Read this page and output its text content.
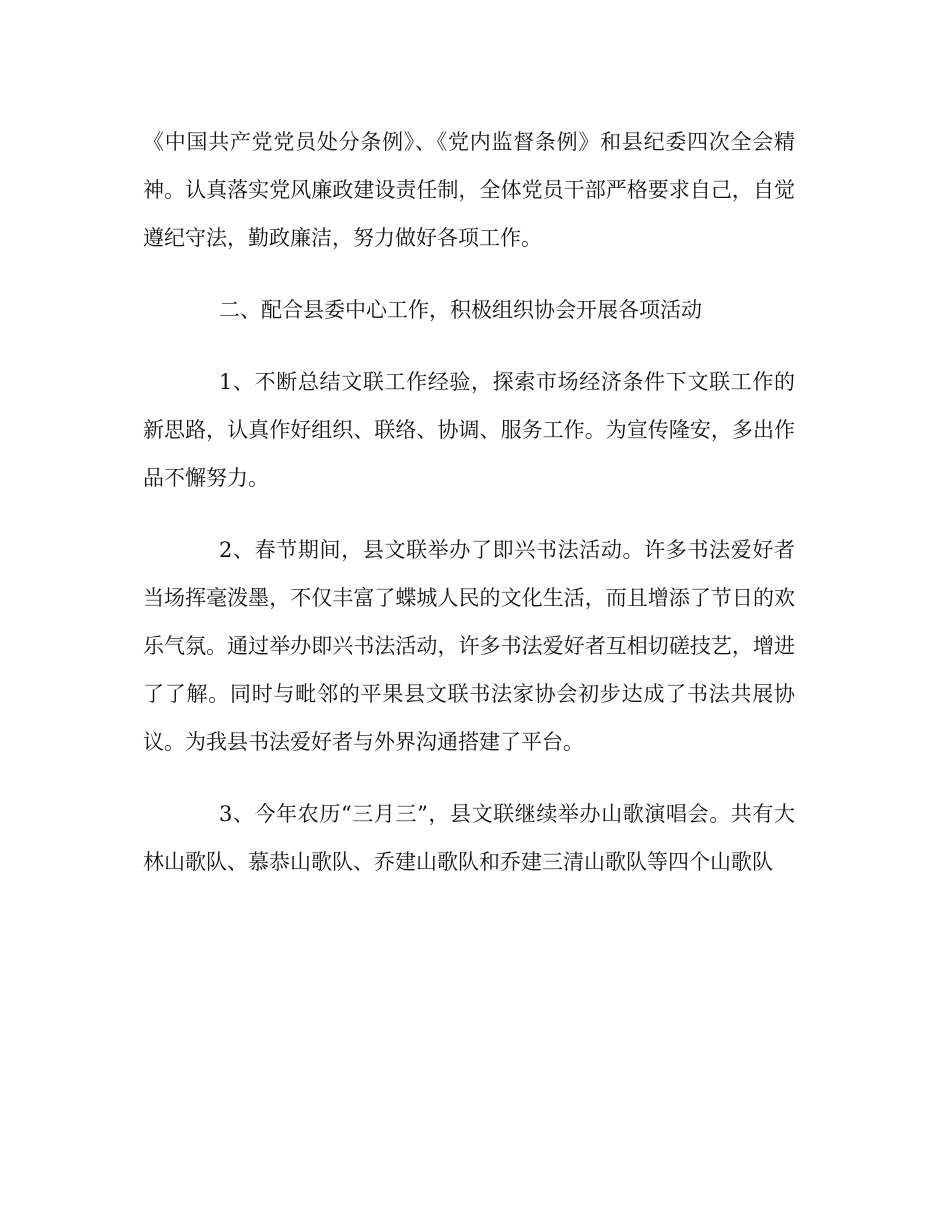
《中国共产党党员处分条例》、《党内监督条例》和县纪委四次全会精神。认真落实党风廉政建设责任制，全体党员干部严格要求自己，自觉遵纪守法，勤政廉洁，努力做好各项工作。

二、配合县委中心工作，积极组织协会开展各项活动

1、不断总结文联工作经验，探索市场经济条件下文联工作的新思路，认真作好组织、联络、协调、服务工作。为宣传隆安，多出作品不懈努力。

2、春节期间，县文联举办了即兴书法活动。许多书法爱好者当场挥毫泼墨，不仅丰富了蝶城人民的文化生活，而且增添了节日的欢乐气氛。通过举办即兴书法活动，许多书法爱好者互相切磋技艺，增进了了解。同时与毗邻的平果县文联书法家协会初步达成了书法共展协议。为我县书法爱好者与外界沟通搭建了平台。

3、今年农历“三月三”，县文联继续举办山歌演唱会。共有大林山歌队、慕恭山歌队、乔建山歌队和乔建三清山歌队等四个山歌队
